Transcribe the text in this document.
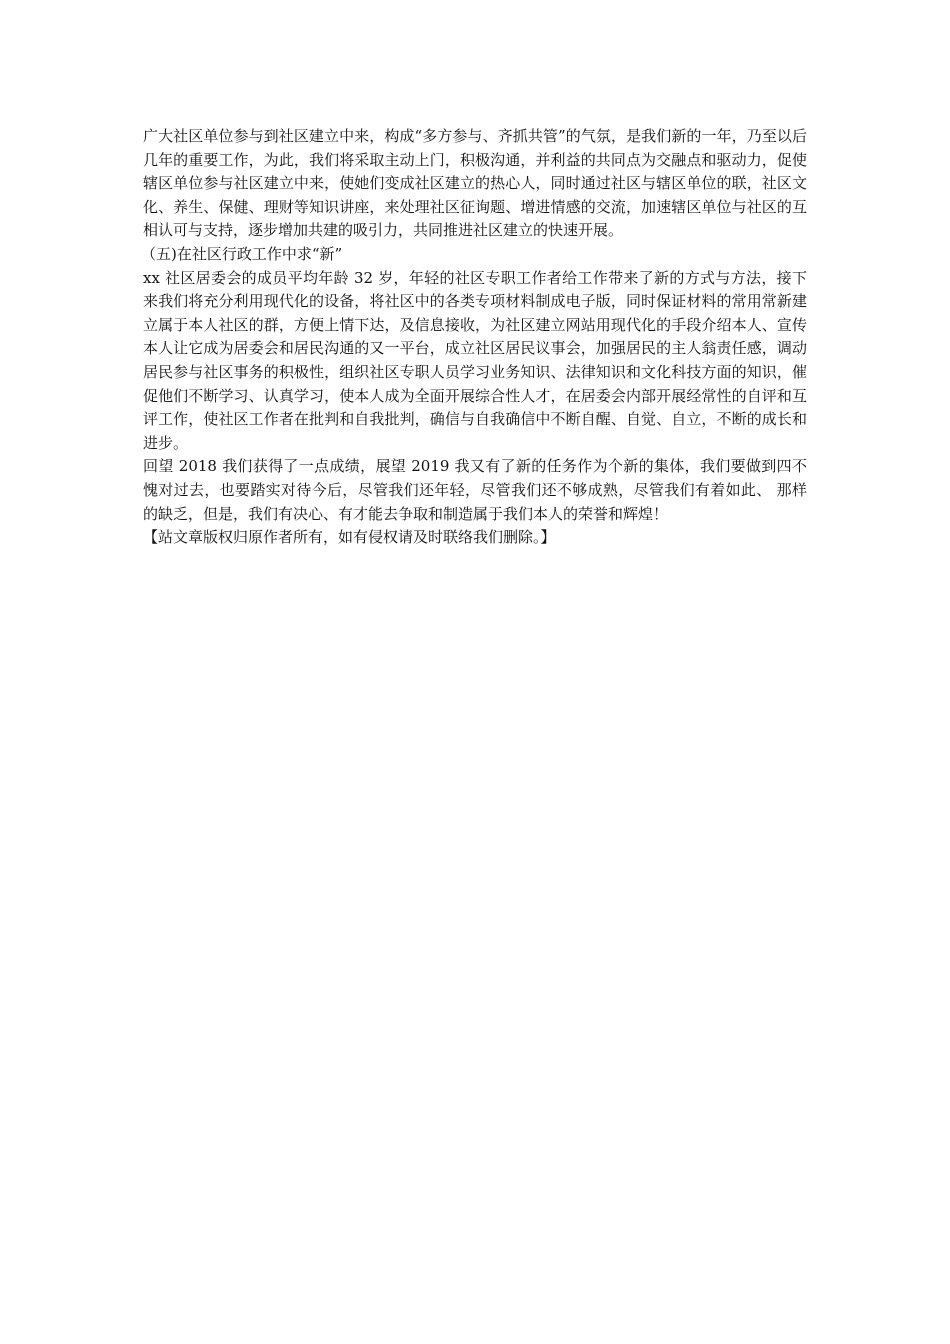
广大社区单位参与到社区建立中来，构成“多方参与、齐抓共管”的气氛，是我们新的一年，乃至以后几年的重要工作，为此，我们将采取主动上门，积极沟通，并利益的共同点为交融点和驱动力，促使辖区单位参与社区建立中来，使她们变成社区建立的热心人，同时通过社区与辖区单位的联，社区文化、养生、保健、理财等知识讲座，来处理社区征询题、增进情感的交流，加速辖区单位与社区的互相认可与支持，逐步增加共建的吸引力，共同推进社区建立的快速开展。

（五)在社区行政工作中求“新”

xx 社区居委会的成员平均年龄 32 岁，年轻的社区专职工作者给工作带来了新的方式与方法，接下来我们将充分利用现代化的设备，将社区中的各类专项材料制成电子版，同时保证材料的常用常新建立属于本人社区的群，方便上情下达，及信息接收，为社区建立网站用现代化的手段介绍本人、宣传本人让它成为居委会和居民沟通的又一平台，成立社区居民议事会，加强居民的主人翁责任感，调动居民参与社区事务的积极性，组织社区专职人员学习业务知识、法律知识和文化科技方面的知识，催促他们不断学习、认真学习，使本人成为全面开展综合性人才，在居委会内部开展经常性的自评和互评工作，使社区工作者在批判和自我批判，确信与自我确信中不断自醒、自觉、自立，不断的成长和进步。

回望 2018 我们获得了一点成绩，展望 2019 我又有了新的任务作为个新的集体，我们要做到四不愧对过去，也要踏实对待今后，尽管我们还年轻，尽管我们还不够成熟，尽管我们有着如此、 那样的缺乏，但是，我们有决心、有才能去争取和制造属于我们本人的荣誉和辉煌！

【站文章版权归原作者所有，如有侵权请及时联络我们删除。】
